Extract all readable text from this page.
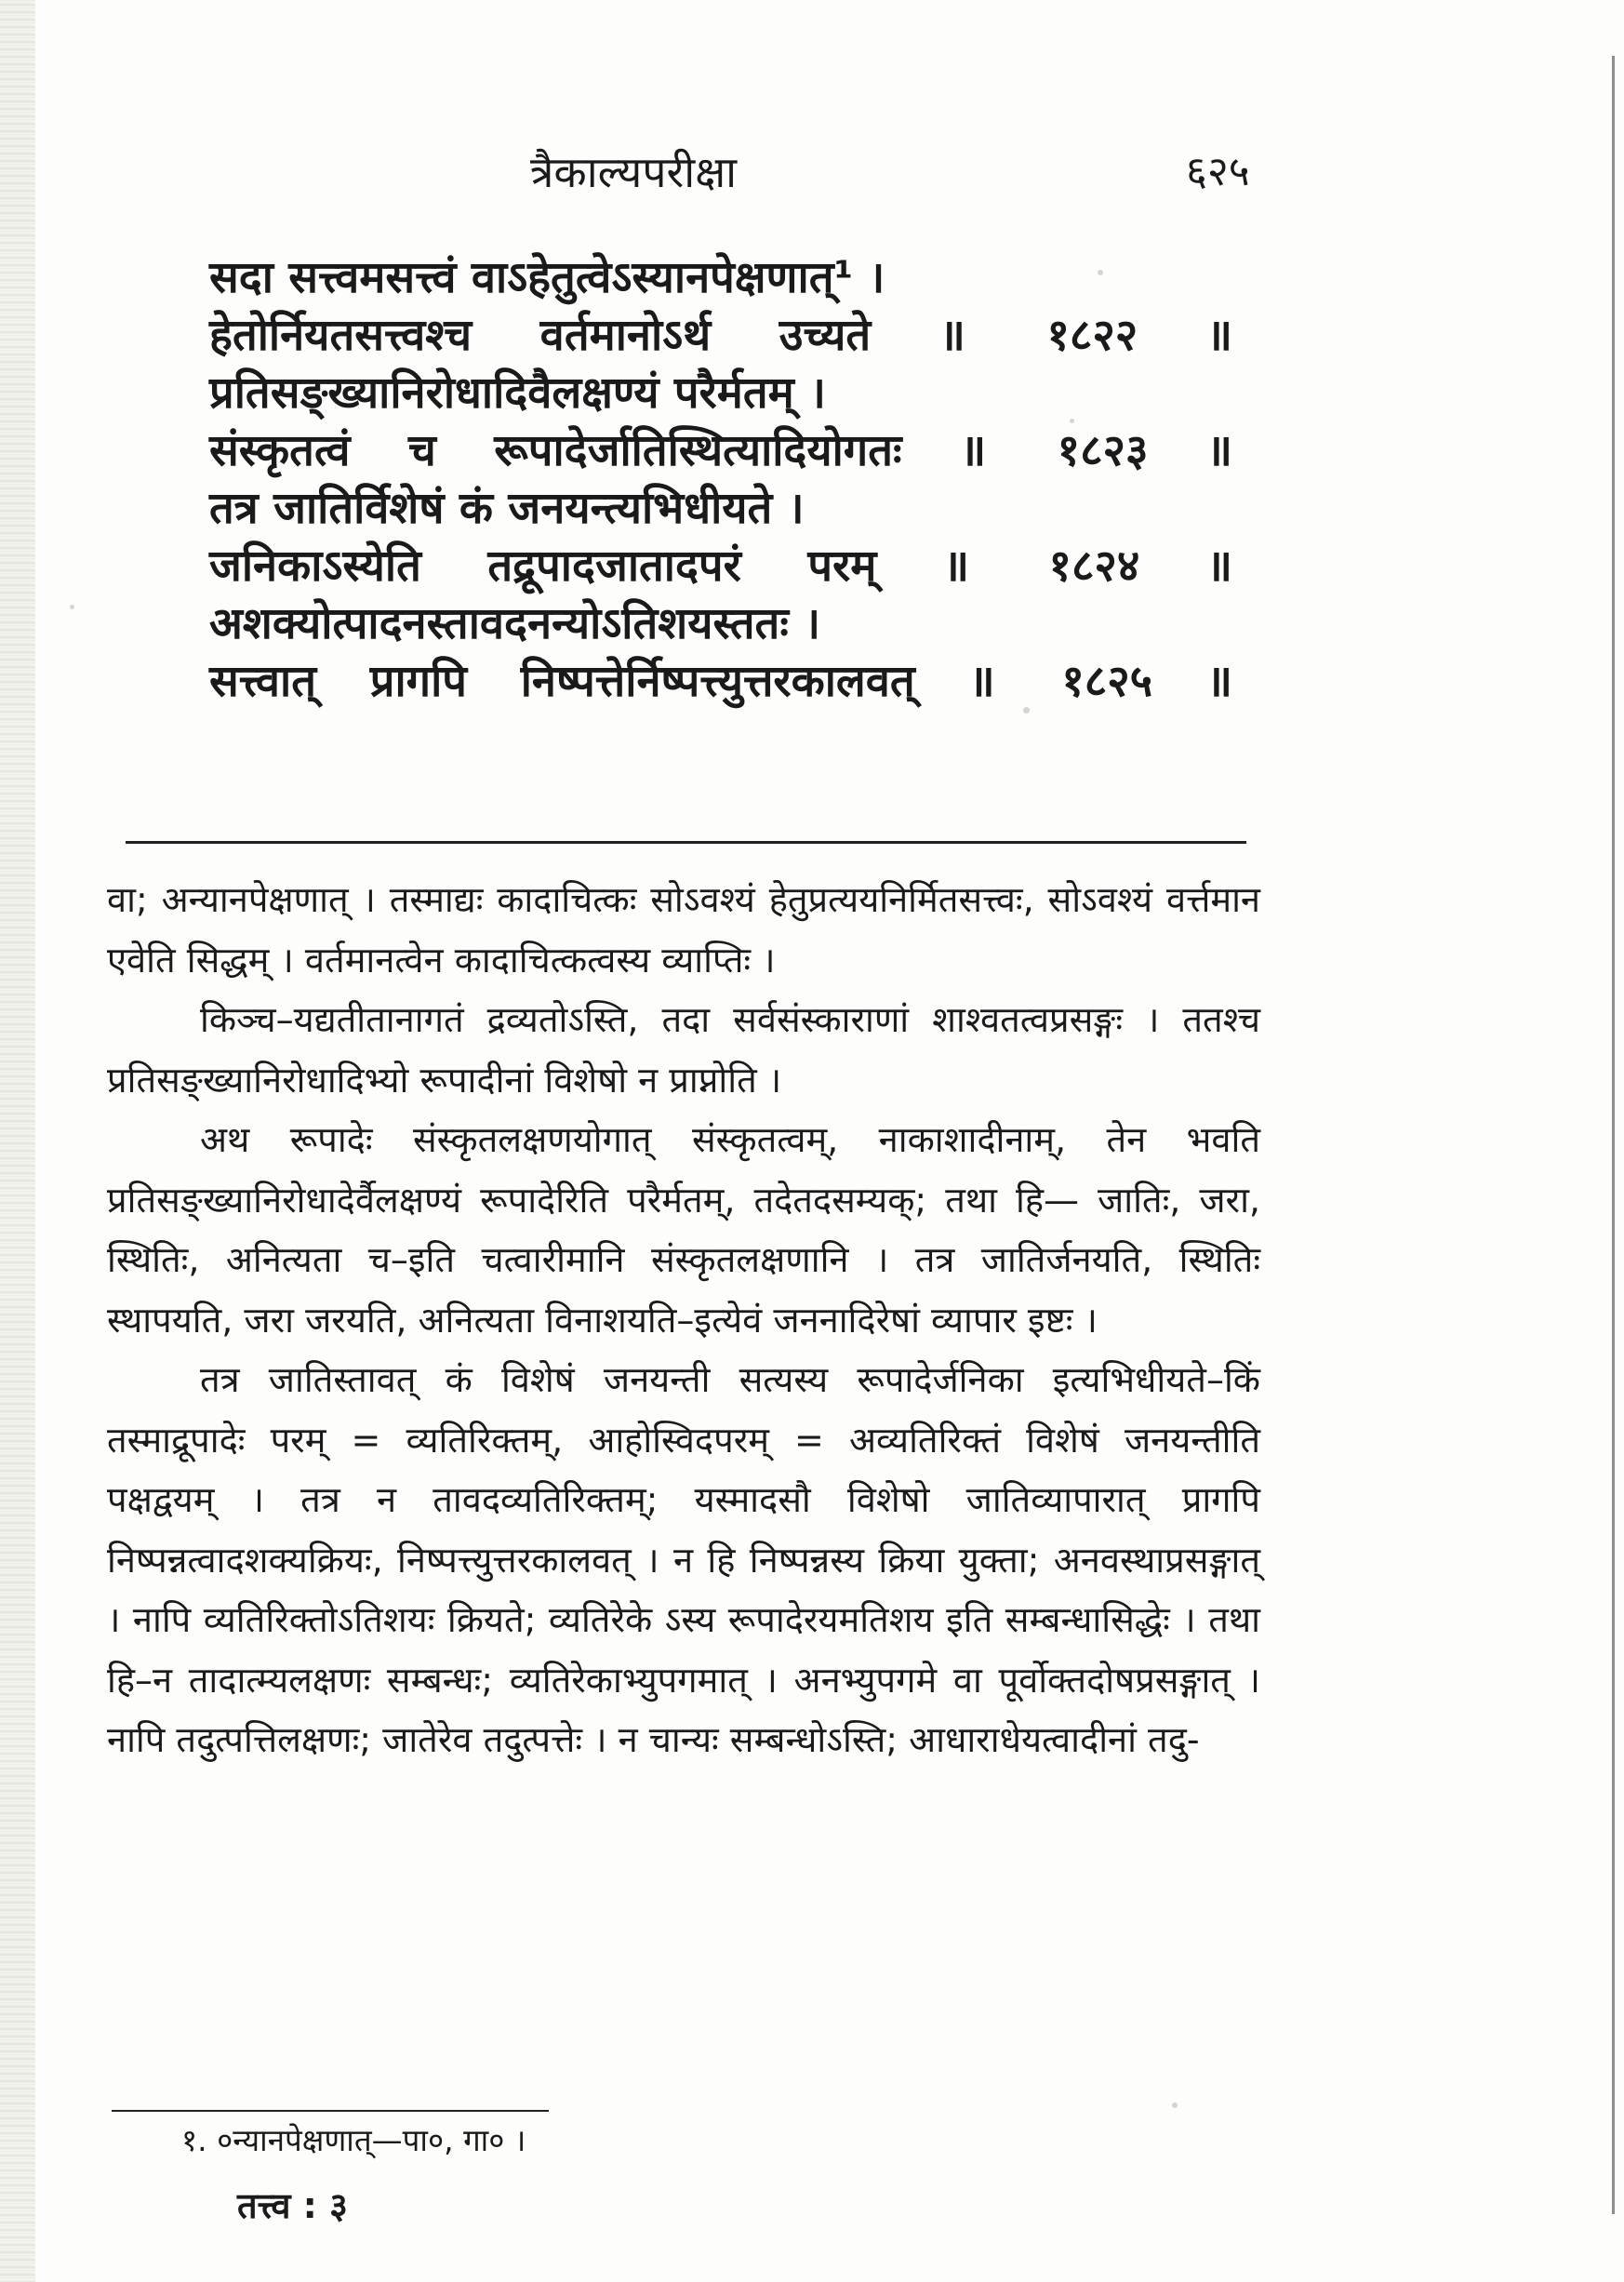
त्रैकाल्यपरीक्षा	६२५
सदा सत्त्वमसत्त्वं वाऽहेतुत्वेऽस्यानपेक्षणात्¹ ।
हेतोर्नियतसत्त्वश्च वर्तमानोऽर्थ उच्यते ॥ १८२२ ॥
प्रतिसङ्ख्यानिरोधादिवैलक्षण्यं परैर्मतम् ।
संस्कृतत्वं च रूपादेर्जातिस्थित्यादियोगतः ॥ १८२३ ॥
तत्र जातिर्विशेषं कं जनयन्त्यभिधीयते ।
जनिकाऽस्येति तद्रूपादजातादपरं परम् ॥ १८२४ ॥
अशक्योत्पादनस्तावदनन्योऽतिशयस्ततः ।
सत्त्वात् प्रागपि निष्पत्तेर्निष्पत्त्युत्तरकालवत् ॥ १८२५ ॥

वा; अन्यानपेक्षणात् । तस्माद्यः कादाचित्कः सोऽवश्यं हेतुप्रत्ययनिर्मितसत्त्वः, सोऽवश्यं वर्त्तमान एवेति सिद्धम् । वर्तमानत्वेन कादाचित्कत्वस्य व्याप्तिः ।

किञ्च–यद्यतीतानागतं द्रव्यतोऽस्ति, तदा सर्वसंस्काराणां शाश्वतत्वप्रसङ्गः । ततश्च प्रतिसङ्ख्यानिरोधादिभ्यो रूपादीनां विशेषो न प्राप्नोति ।

अथ रूपादेः संस्कृतलक्षणयोगात् संस्कृतत्वम्, नाकाशादीनाम्, तेन भवति प्रतिसङ्ख्यानिरोधादेर्वैलक्षण्यं रूपादेरिति परैर्मतम्, तदेतदसम्यक्; तथा हि— जातिः, जरा, स्थितिः, अनित्यता च–इति चत्वारीमानि संस्कृतलक्षणानि । तत्र जातिर्जनयति, स्थितिः स्थापयति, जरा जरयति, अनित्यता विनाशयति–इत्येवं जननादिरेषां व्यापार इष्टः ।

तत्र जातिस्तावत् कं विशेषं जनयन्ती सत्यस्य रूपादेर्जनिका इत्यभिधीयते–किं तस्माद्रूपादेः परम् = व्यतिरिक्तम्, आहोस्विदपरम् = अव्यतिरिक्तं विशेषं जनयन्तीति पक्षद्वयम् । तत्र न तावदव्यतिरिक्तम्; यस्मादसौ विशेषो जातिव्यापारात् प्रागपि निष्पन्नत्वादशक्यक्रियः, निष्पत्त्युत्तरकालवत् । न हि निष्पन्नस्य क्रिया युक्ता; अनवस्थाप्रसङ्गात् । नापि व्यतिरिक्तोऽतिशयः क्रियते; व्यतिरेके ऽस्य रूपादेरयमतिशय इति सम्बन्धासिद्धेः । तथा हि–न तादात्म्यलक्षणः सम्बन्धः; व्यतिरेकाभ्युपगमात् । अनभ्युपगमे वा पूर्वोक्तदोषप्रसङ्गात् । नापि तदुत्पत्तिलक्षणः; जातेरेव तदुत्पत्तेः । न चान्यः सम्बन्धोऽस्ति; आधाराधेयत्वादीनां तदु-

१. ०न्यानपेक्षणात्—पा०, गा० ।
तत्त्व : ३
